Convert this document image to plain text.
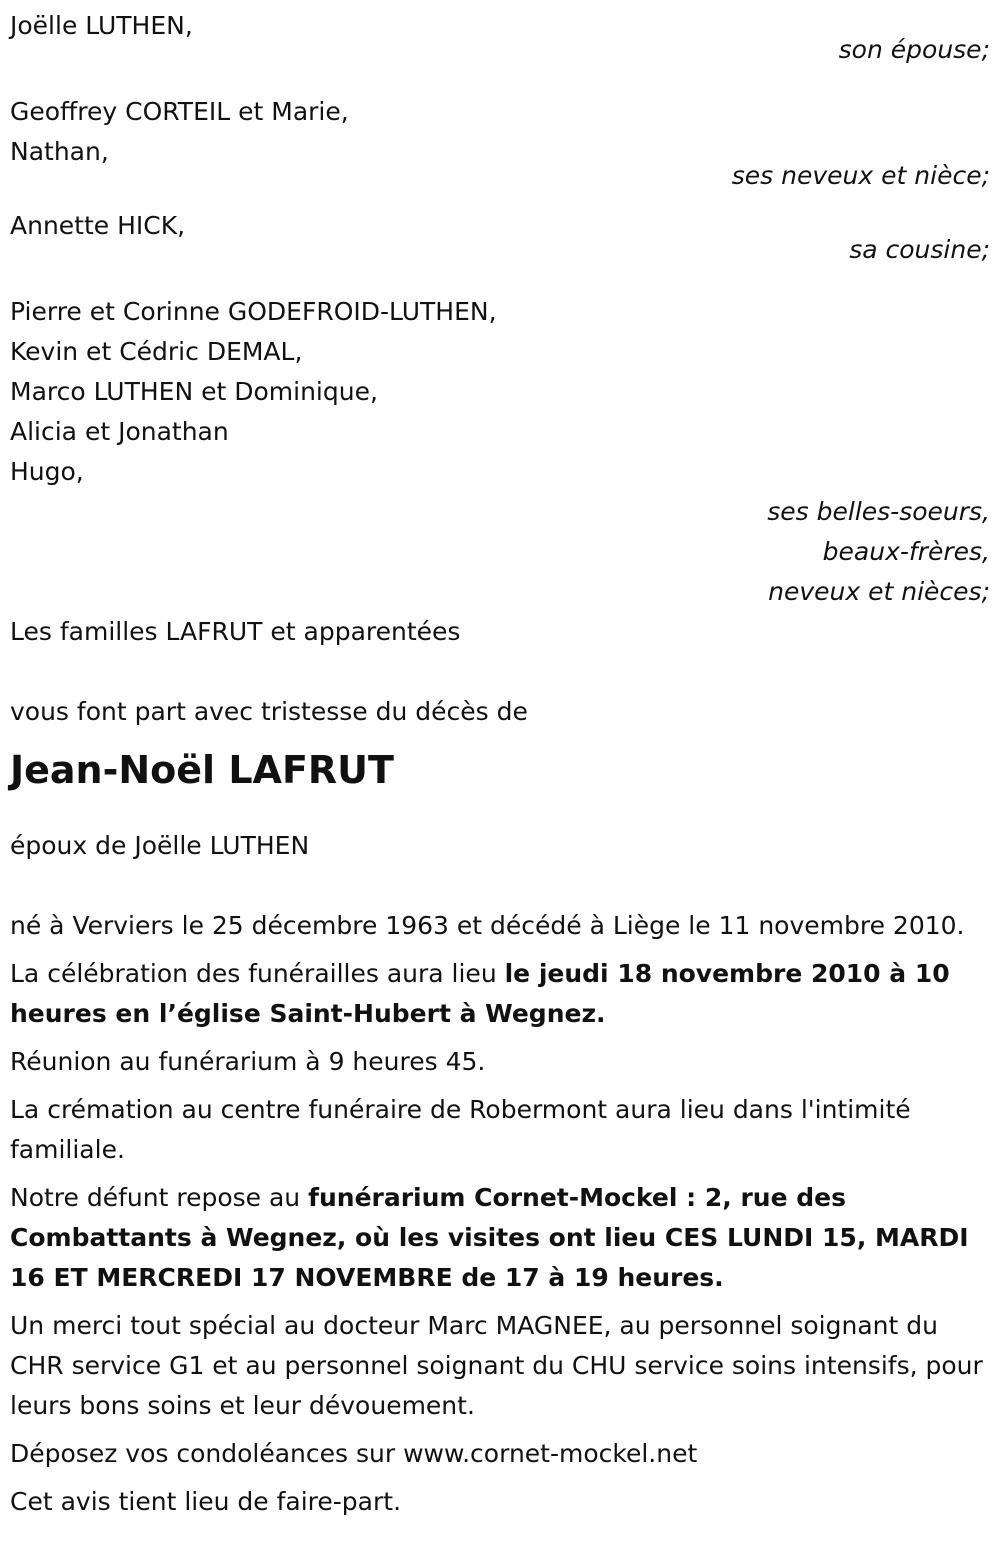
Joëlle LUTHEN,
son épouse;
Geoffrey CORTEIL et Marie,
Nathan,
ses neveux et nièce;
Annette HICK,
sa cousine;
Pierre et Corinne GODEFROID-LUTHEN,
Kevin et Cédric DEMAL,
Marco LUTHEN et Dominique,
Alicia et Jonathan
Hugo,
ses belles-soeurs,
beaux-frères,
neveux et nièces;
Les familles LAFRUT et apparentées
vous font part avec tristesse du décès de
Jean-Noël LAFRUT
époux de Joëlle LUTHEN

né à Verviers le 25 décembre 1963 et décédé à Liège le 11 novembre 2010.

La célébration des funérailles aura lieu le jeudi 18 novembre 2010 à 10 heures en l’église Saint-Hubert à Wegnez.

Réunion au funérarium à 9 heures 45.

La crémation au centre funéraire de Robermont aura lieu dans l'intimité familiale.

Notre défunt repose au funérarium Cornet-Mockel : 2, rue des Combattants à Wegnez, où les visites ont lieu CES LUNDI 15, MARDI 16 ET MERCREDI 17 NOVEMBRE de 17 à 19 heures.

Un merci tout spécial au docteur Marc MAGNEE, au personnel soignant du CHR service G1 et au personnel soignant du CHU service soins intensifs, pour leurs bons soins et leur dévouement.

Déposez vos condoléances sur www.cornet-mockel.net

Cet avis tient lieu de faire-part.
